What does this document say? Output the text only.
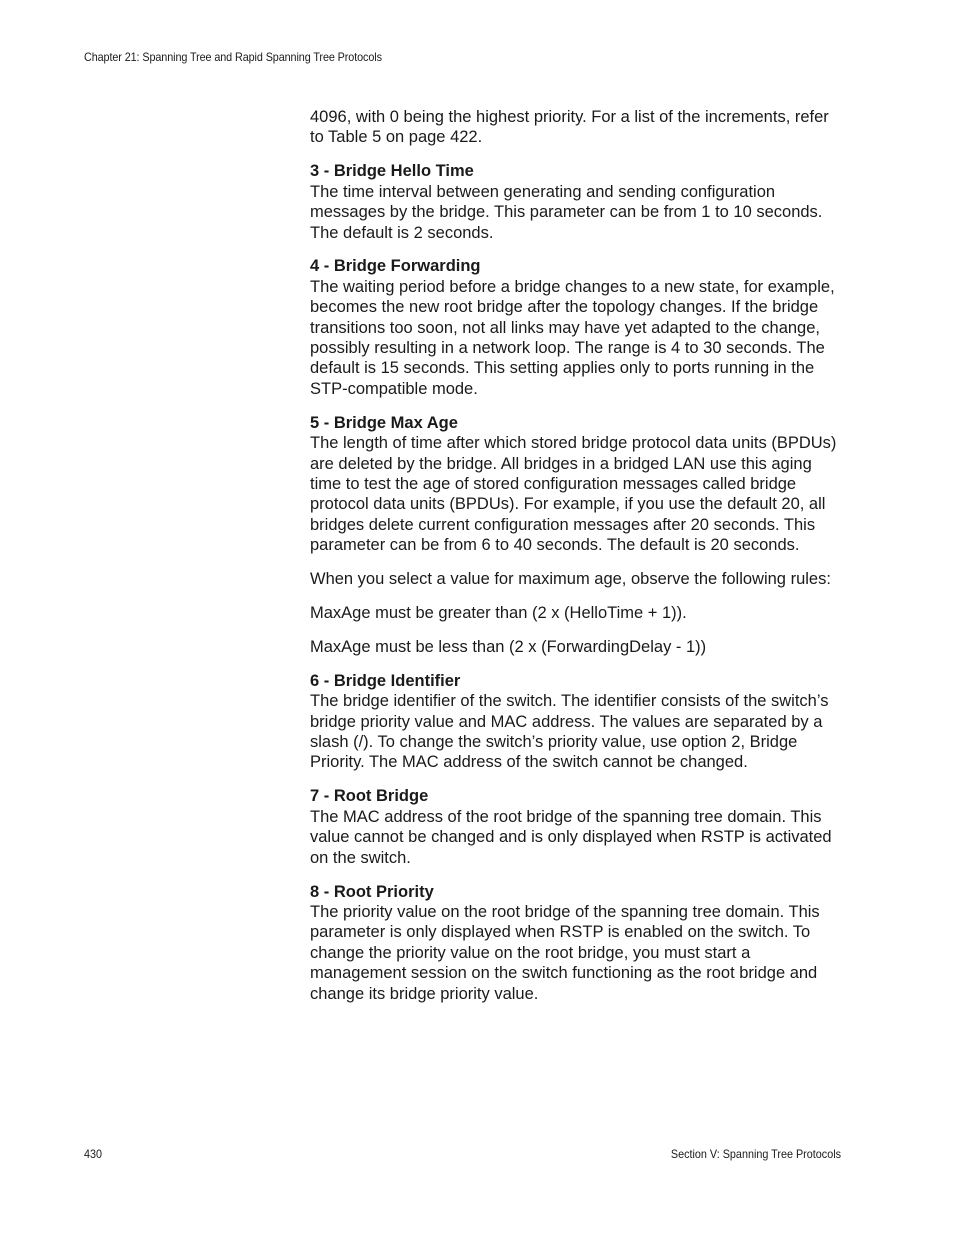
Chapter 21: Spanning Tree and Rapid Spanning Tree Protocols

4096, with 0 being the highest priority. For a list of the increments, refer to Table 5 on page 422.

3 - Bridge Hello Time
The time interval between generating and sending configuration messages by the bridge. This parameter can be from 1 to 10 seconds. The default is 2 seconds.
4 - Bridge Forwarding
The waiting period before a bridge changes to a new state, for example, becomes the new root bridge after the topology changes. If the bridge transitions too soon, not all links may have yet adapted to the change, possibly resulting in a network loop. The range is 4 to 30 seconds. The default is 15 seconds. This setting applies only to ports running in the STP-compatible mode.
5 - Bridge Max Age
The length of time after which stored bridge protocol data units (BPDUs) are deleted by the bridge. All bridges in a bridged LAN use this aging time to test the age of stored configuration messages called bridge protocol data units (BPDUs). For example, if you use the default 20, all bridges delete current configuration messages after 20 seconds. This parameter can be from 6 to 40 seconds. The default is 20 seconds.

When you select a value for maximum age, observe the following rules:

MaxAge must be greater than (2 x (HelloTime + 1)).

MaxAge must be less than (2 x (ForwardingDelay - 1))

6 - Bridge Identifier
The bridge identifier of the switch. The identifier consists of the switch’s bridge priority value and MAC address. The values are separated by a slash (/). To change the switch’s priority value, use option 2, Bridge Priority. The MAC address of the switch cannot be changed.
7 - Root Bridge
The MAC address of the root bridge of the spanning tree domain. This value cannot be changed and is only displayed when RSTP is activated on the switch.
8 - Root Priority
The priority value on the root bridge of the spanning tree domain. This parameter is only displayed when RSTP is enabled on the switch. To change the priority value on the root bridge, you must start a management session on the switch functioning as the root bridge and change its bridge priority value.
430	Section V: Spanning Tree Protocols
